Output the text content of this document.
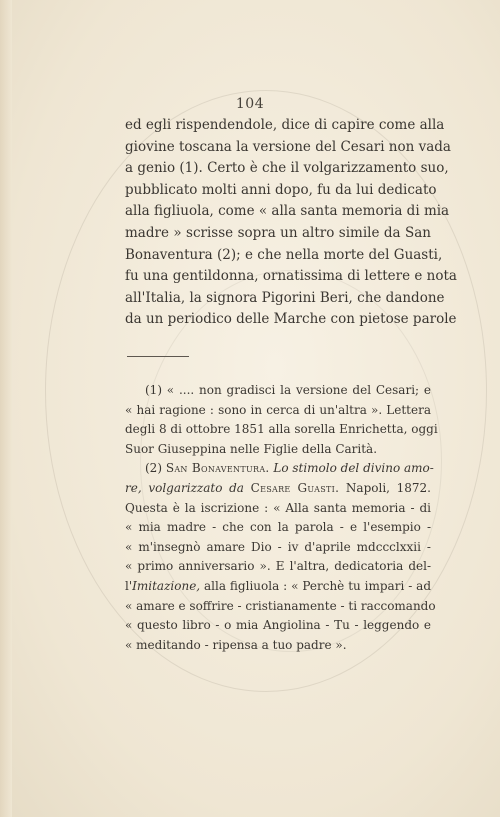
104
ed egli rispendendole, dice di capire come alla
giovine toscana la versione del Cesari non vada
a genio (1). Certo è che il volgarizzamento suo,
pubblicato molti anni dopo, fu da lui dedicato
alla figliuola, come « alla santa memoria di mia
madre » scrisse sopra un altro simile da San
Bonaventura (2); e che nella morte del Guasti,
fu una gentildonna, ornatissima di lettere e nota
all'Italia, la signora Pigorini Beri, che dandone
da un periodico delle Marche con pietose parole
(1) « .... non gradisci la versione del Cesari; e
« hai ragione : sono in cerca di un'altra ». Lettera
degli 8 di ottobre 1851 alla sorella Enrichetta, oggi
Suor Giuseppina nelle Figlie della Carità.
(2) San Bonaventura. Lo stimolo del divino amo-
re, volgarizzato da Cesare Guasti. Napoli, 1872.
Questa è la iscrizione : « Alla santa memoria - di
« mia madre - che con la parola - e l'esempio -
« m'insegnò amare Dio - iv d'aprile mdccclxxii -
« primo anniversario ». E l'altra, dedicatoria del-
l'Imitazione, alla figliuola : « Perchè tu impari - ad
« amare e soffrire - cristianamente - ti raccomando
« questo libro - o mia Angiolina - Tu - leggendo e
« meditando - ripensa a tuo padre ».
